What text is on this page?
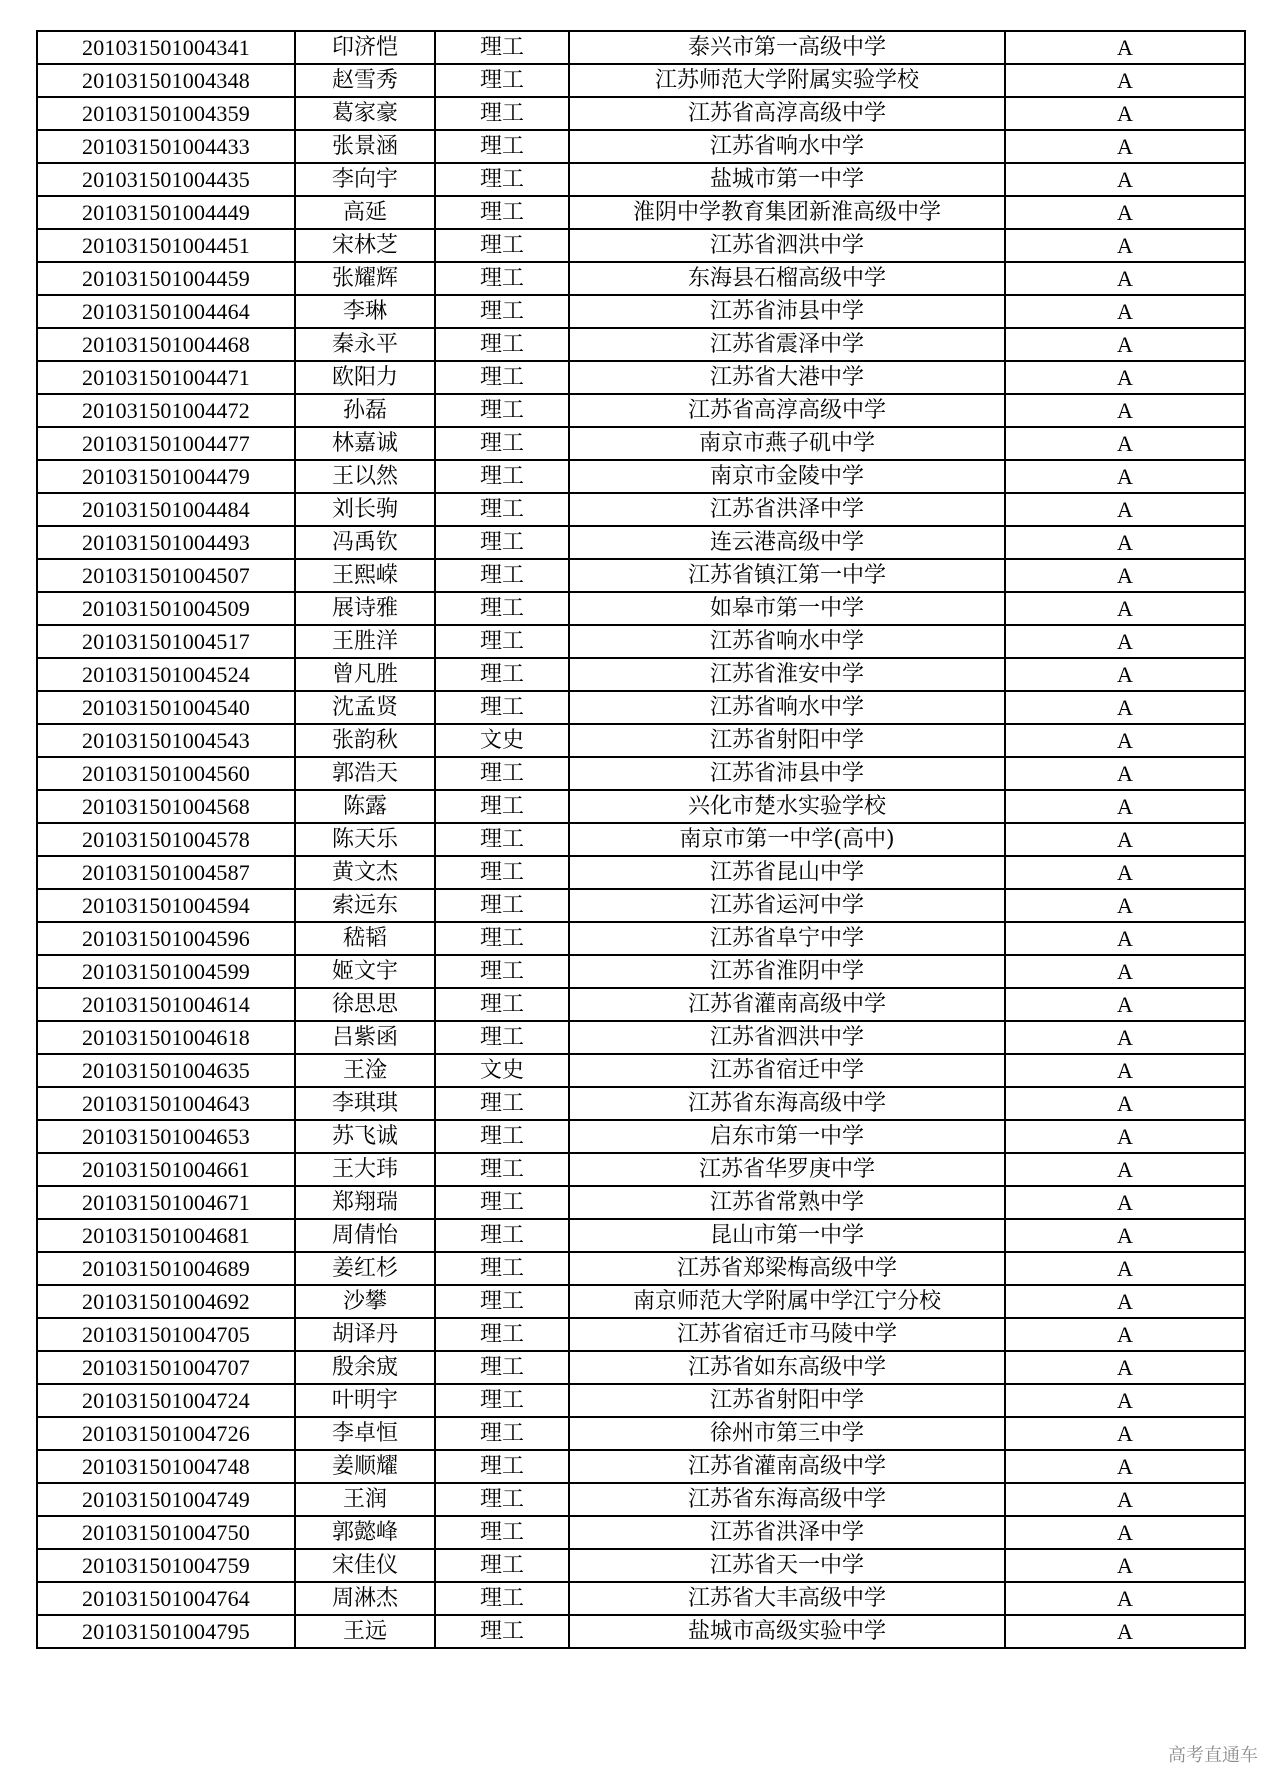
201031501004341	印济恺	理工	泰兴市第一高级中学	A
201031501004348	赵雪秀	理工	江苏师范大学附属实验学校	A
201031501004359	葛家豪	理工	江苏省高淳高级中学	A
201031501004433	张景涵	理工	江苏省响水中学	A
201031501004435	李向宇	理工	盐城市第一中学	A
201031501004449	高延	理工	淮阴中学教育集团新淮高级中学	A
201031501004451	宋林芝	理工	江苏省泗洪中学	A
201031501004459	张耀辉	理工	东海县石榴高级中学	A
201031501004464	李琳	理工	江苏省沛县中学	A
201031501004468	秦永平	理工	江苏省震泽中学	A
201031501004471	欧阳力	理工	江苏省大港中学	A
201031501004472	孙磊	理工	江苏省高淳高级中学	A
201031501004477	林嘉诚	理工	南京市燕子矶中学	A
201031501004479	王以然	理工	南京市金陵中学	A
201031501004484	刘长驹	理工	江苏省洪泽中学	A
201031501004493	冯禹钦	理工	连云港高级中学	A
201031501004507	王熙嵘	理工	江苏省镇江第一中学	A
201031501004509	展诗雅	理工	如皋市第一中学	A
201031501004517	王胜洋	理工	江苏省响水中学	A
201031501004524	曾凡胜	理工	江苏省淮安中学	A
201031501004540	沈孟贤	理工	江苏省响水中学	A
201031501004543	张韵秋	文史	江苏省射阳中学	A
201031501004560	郭浩天	理工	江苏省沛县中学	A
201031501004568	陈露	理工	兴化市楚水实验学校	A
201031501004578	陈天乐	理工	南京市第一中学(高中)	A
201031501004587	黄文杰	理工	江苏省昆山中学	A
201031501004594	索远东	理工	江苏省运河中学	A
201031501004596	嵇韬	理工	江苏省阜宁中学	A
201031501004599	姬文宇	理工	江苏省淮阴中学	A
201031501004614	徐思思	理工	江苏省灌南高级中学	A
201031501004618	吕紫函	理工	江苏省泗洪中学	A
201031501004635	王淦	文史	江苏省宿迁中学	A
201031501004643	李琪琪	理工	江苏省东海高级中学	A
201031501004653	苏飞诚	理工	启东市第一中学	A
201031501004661	王大玮	理工	江苏省华罗庚中学	A
201031501004671	郑翔瑞	理工	江苏省常熟中学	A
201031501004681	周倩怡	理工	昆山市第一中学	A
201031501004689	姜红杉	理工	江苏省郑梁梅高级中学	A
201031501004692	沙攀	理工	南京师范大学附属中学江宁分校	A
201031501004705	胡译丹	理工	江苏省宿迁市马陵中学	A
201031501004707	殷余宬	理工	江苏省如东高级中学	A
201031501004724	叶明宇	理工	江苏省射阳中学	A
201031501004726	李卓恒	理工	徐州市第三中学	A
201031501004748	姜顺耀	理工	江苏省灌南高级中学	A
201031501004749	王润	理工	江苏省东海高级中学	A
201031501004750	郭懿峰	理工	江苏省洪泽中学	A
201031501004759	宋佳仪	理工	江苏省天一中学	A
201031501004764	周淋杰	理工	江苏省大丰高级中学	A
201031501004795	王远	理工	盐城市高级实验中学	A
高考直通车
